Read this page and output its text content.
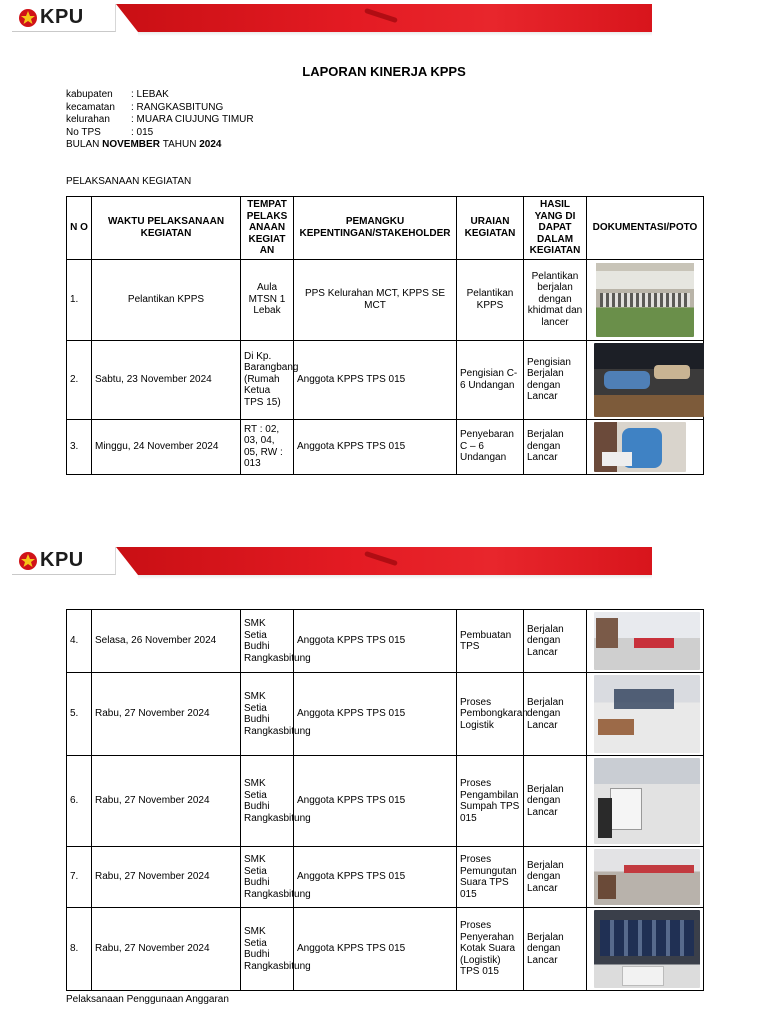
KPU
LAPORAN KINERJA KPPS
kabupaten	: LEBAK
kecamatan	: RANGKASBITUNG
kelurahan	: MUARA CIUJUNG TIMUR
No TPS	: 015
BULAN
NOVEMBER
TAHUN
2024
PELAKSANAAN KEGIATAN
N O	WAKTU PELAKSANAAN KEGIATAN	TEMPAT PELAKS ANAAN KEGIAT AN	PEMANGKU KEPENTINGAN/STAKEHOLDER	URAIAN KEGIATAN	HASIL YANG DI DAPAT DALAM KEGIATAN	DOKUMENTASI/POTO
1.	Pelantikan KPPS	Aula MTSN 1 Lebak	PPS Kelurahan MCT, KPPS SE MCT	Pelantikan KPPS	Pelantikan berjalan dengan khidmat dan lancer	

2.	Sabtu, 23 November 2024	Di Kp. Barangbang (Rumah Ketua TPS 15)	Anggota KPPS TPS 015	Pengisian C-6 Undangan	Pengisian Berjalan dengan Lancar	

3.	Minggu, 24 November 2024	RT : 02, 03, 04, 05, RW : 013	Anggota KPPS TPS 015	Penyebaran C – 6 Undangan	Berjalan dengan Lancar	
KPU
4.	Selasa, 26 November 2024	SMK Setia Budhi Rangkasbitung	Anggota KPPS TPS 015	Pembuatan TPS	Berjalan dengan Lancar	

5.	Rabu, 27 November 2024	SMK Setia Budhi Rangkasbitung	Anggota KPPS TPS 015	Proses Pembongkaran Logistik	Berjalan dengan Lancar	

6.	Rabu, 27 November 2024	SMK Setia Budhi Rangkasbitung	Anggota KPPS TPS 015	Proses Pengambilan Sumpah TPS 015	Berjalan dengan Lancar	

7.	Rabu, 27 November 2024	SMK Setia Budhi Rangkasbitung	Anggota KPPS TPS 015	Proses Pemungutan Suara TPS 015	Berjalan dengan Lancar	

8.	Rabu, 27 November 2024	SMK Setia Budhi Rangkasbitung	Anggota KPPS TPS 015	Proses Penyerahan Kotak Suara (Logistik) TPS 015	Berjalan dengan Lancar	
Pelaksanaan Penggunaan Anggaran
